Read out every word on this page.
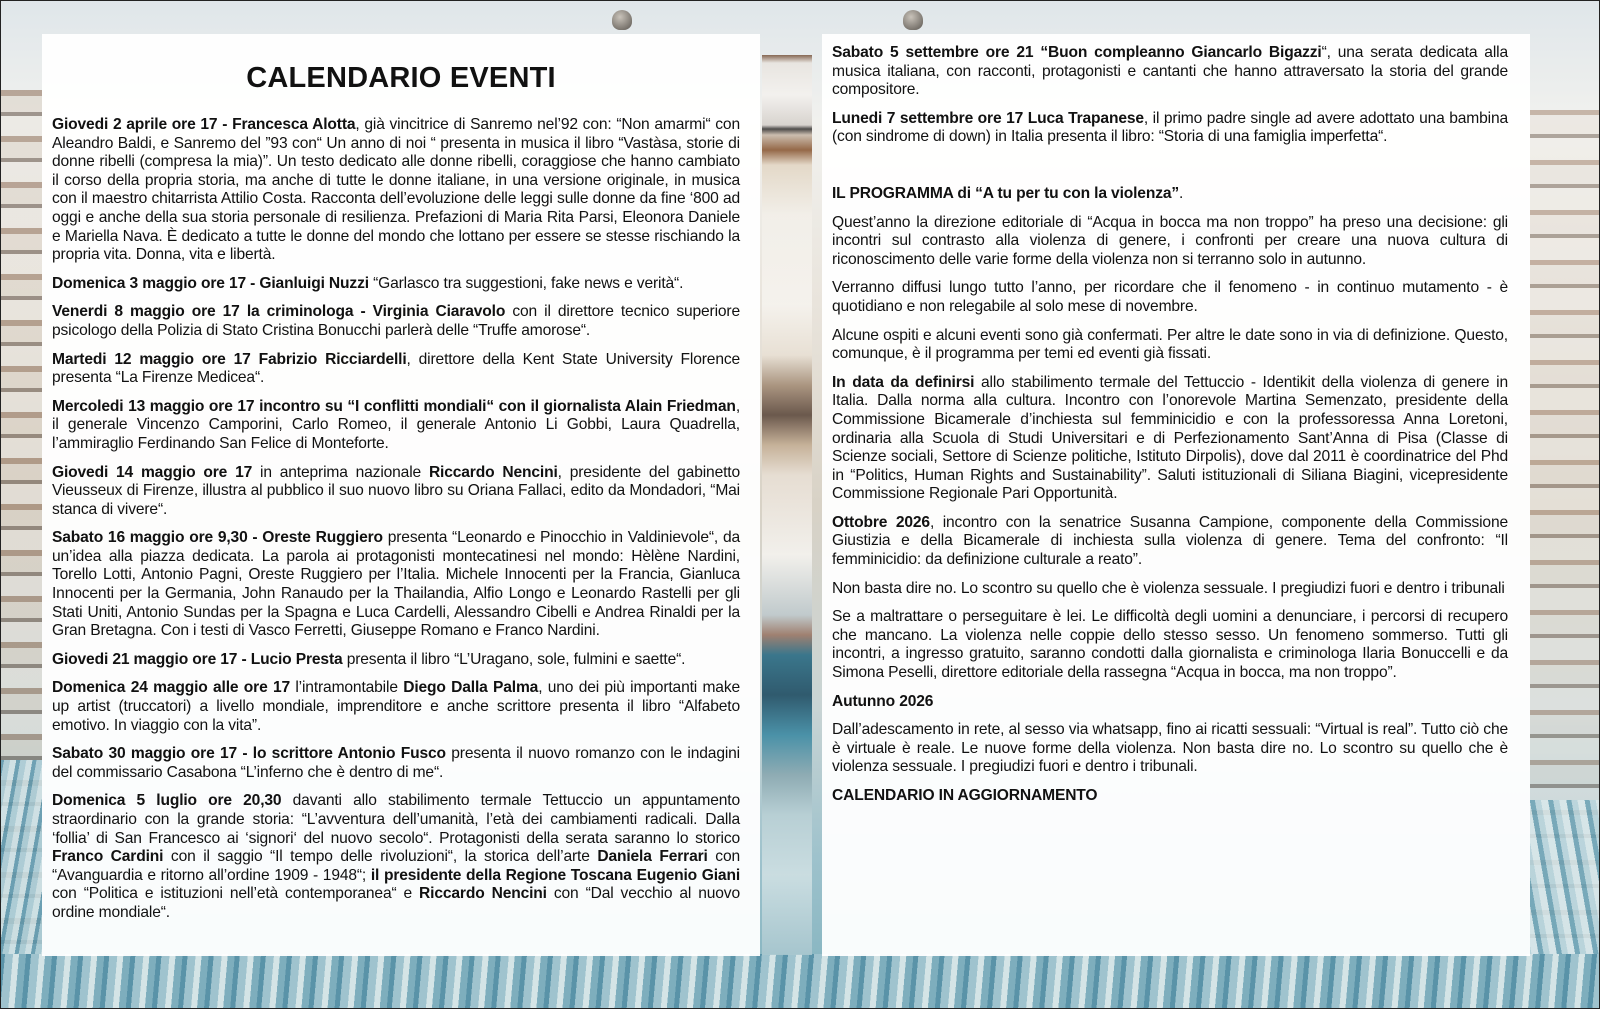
CALENDARIO EVENTI

Giovedi 2 aprile ore 17 - Francesca Alotta, già vincitrice di Sanremo nel’92 con: “Non amarmi“ con Aleandro Baldi, e Sanremo del ”93 con“ Un anno di noi “ presenta in musica il libro “Vastàsa, storie di donne ribelli (compresa la mia)”. Un testo dedicato alle donne ribelli, coraggiose che hanno cambiato il corso della propria storia, ma anche di tutte le donne italiane, in una versione originale, in musica con il maestro chitarrista Attilio Costa. Racconta dell’evoluzione delle leggi sulle donne da fine ‘800 ad oggi e anche della sua storia personale di resilienza. Prefazioni di Maria Rita Parsi, Eleonora Daniele e Mariella Nava. È dedicato a tutte le donne del mondo che lottano per essere se stesse rischiando la propria vita. Donna, vita e libertà.

Domenica 3 maggio ore 17 - Gianluigi Nuzzi “Garlasco tra suggestioni, fake news e verità“.

Venerdi 8 maggio ore 17 la criminologa - Virginia Ciaravolo con il direttore tecnico superiore psicologo della Polizia di Stato Cristina Bonucchi parlerà delle “Truffe amorose“.

Martedi 12 maggio ore 17 Fabrizio Ricciardelli, direttore della Kent State University Florence presenta “La Firenze Medicea“.

Mercoledi 13 maggio ore 17 incontro su “I conflitti mondiali“ con il giornalista Alain Friedman, il generale Vincenzo Camporini, Carlo Romeo, il generale Antonio Li Gobbi, Laura Quadrella, l’ammiraglio Ferdinando San Felice di Monteforte.

Giovedi 14 maggio ore 17 in anteprima nazionale Riccardo Nencini, presidente del gabinetto Vieusseux di Firenze, illustra al pubblico il suo nuovo libro su Oriana Fallaci, edito da Mondadori, “Mai stanca di vivere“.

Sabato 16 maggio ore 9,30 - Oreste Ruggiero presenta “Leonardo e Pinocchio in Valdinievole“, da un’idea alla piazza dedicata. La parola ai protagonisti montecatinesi nel mondo: Hèlène Nardini, Torello Lotti, Antonio Pagni, Oreste Ruggiero per l’Italia. Michele Innocenti per la Francia, Gianluca Innocenti per la Germania, John Ranaudo per la Thailandia, Alfio Longo e Leonardo Rastelli per gli Stati Uniti, Antonio Sundas per la Spagna e Luca Cardelli, Alessandro Cibelli e Andrea Rinaldi per la Gran Bretagna. Con i testi di Vasco Ferretti, Giuseppe Romano e Franco Nardini.

Giovedi 21 maggio ore 17 - Lucio Presta presenta il libro “L’Uragano, sole, fulmini e saette“.

Domenica 24 maggio alle ore 17 l’intramontabile Diego Dalla Palma, uno dei più importanti make up artist (truccatori) a livello mondiale, imprenditore e anche scrittore presenta il libro “Alfabeto emotivo. In viaggio con la vita”.

Sabato 30 maggio ore 17 - lo scrittore Antonio Fusco presenta il nuovo romanzo con le indagini del commissario Casabona “L’inferno che è dentro di me“.

Domenica 5 luglio ore 20,30 davanti allo stabilimento termale Tettuccio un appuntamento straordinario con la grande storia: “L’avventura dell’umanità, l’età dei cambiamenti radicali. Dalla ‘follia’ di San Francesco ai ‘signori‘ del nuovo secolo“. Protagonisti della serata saranno lo storico Franco Cardini con il saggio “Il tempo delle rivoluzioni“, la storica dell’arte Daniela Ferrari con “Avanguardia e ritorno all’ordine 1909 - 1948“; il presidente della Regione Toscana Eugenio Giani con “Politica e istituzioni nell’età contemporanea“ e Riccardo Nencini con “Dal vecchio al nuovo ordine mondiale“.

Sabato 5 settembre ore 21 “Buon compleanno Giancarlo Bigazzi“, una serata dedicata alla musica italiana, con racconti, protagonisti e cantanti che hanno attraversato la storia del grande compositore.

Lunedi 7 settembre ore 17 Luca Trapanese, il primo padre single ad avere adottato una bambina (con sindrome di down) in Italia presenta il libro: “Storia di una famiglia imperfetta“.

IL PROGRAMMA di “A tu per tu con la violenza”.

Quest’anno la direzione editoriale di “Acqua in bocca ma non troppo” ha preso una decisione: gli incontri sul contrasto alla violenza di genere, i confronti per creare una nuova cultura di riconoscimento delle varie forme della violenza non si terranno solo in autunno.

Verranno diffusi lungo tutto l’anno, per ricordare che il fenomeno - in continuo mutamento - è quotidiano e non relegabile al solo mese di novembre.

Alcune ospiti e alcuni eventi sono già confermati. Per altre le date sono in via di definizione. Questo, comunque, è il programma per temi ed eventi già fissati.

In data da definirsi allo stabilimento termale del Tettuccio - Identikit della violenza di genere in Italia. Dalla norma alla cultura. Incontro con l’onorevole Martina Semenzato, presidente della Commissione Bicamerale d’inchiesta sul femminicidio e con la professoressa Anna Loretoni, ordinaria alla Scuola di Studi Universitari e di Perfezionamento Sant’Anna di Pisa (Classe di Scienze sociali, Settore di Scienze politiche, Istituto Dirpolis), dove dal 2011 è coordinatrice del Phd in “Politics, Human Rights and Sustainability”. Saluti istituzionali di Siliana Biagini, vicepresidente Commissione Regionale Pari Opportunità.

Ottobre 2026, incontro con la senatrice Susanna Campione, componente della Commissione Giustizia e della Bicamerale di inchiesta sulla violenza di genere. Tema del confronto: “Il femminicidio: da definizione culturale a reato”.

Non basta dire no. Lo scontro su quello che è violenza sessuale. I pregiudizi fuori e dentro i tribunali

Se a maltrattare o perseguitare è lei. Le difficoltà degli uomini a denunciare, i percorsi di recupero che mancano. La violenza nelle coppie dello stesso sesso. Un fenomeno sommerso. Tutti gli incontri, a ingresso gratuito, saranno condotti dalla giornalista e criminologa Ilaria Bonuccelli e da Simona Peselli, direttore editoriale della rassegna “Acqua in bocca, ma non troppo”.

Autunno 2026

Dall’adescamento in rete, al sesso via whatsapp, fino ai ricatti sessuali: “Virtual is real”. Tutto ciò che è virtuale è reale. Le nuove forme della violenza. Non basta dire no. Lo scontro su quello che è violenza sessuale. I pregiudizi fuori e dentro i tribunali.

CALENDARIO IN AGGIORNAMENTO
